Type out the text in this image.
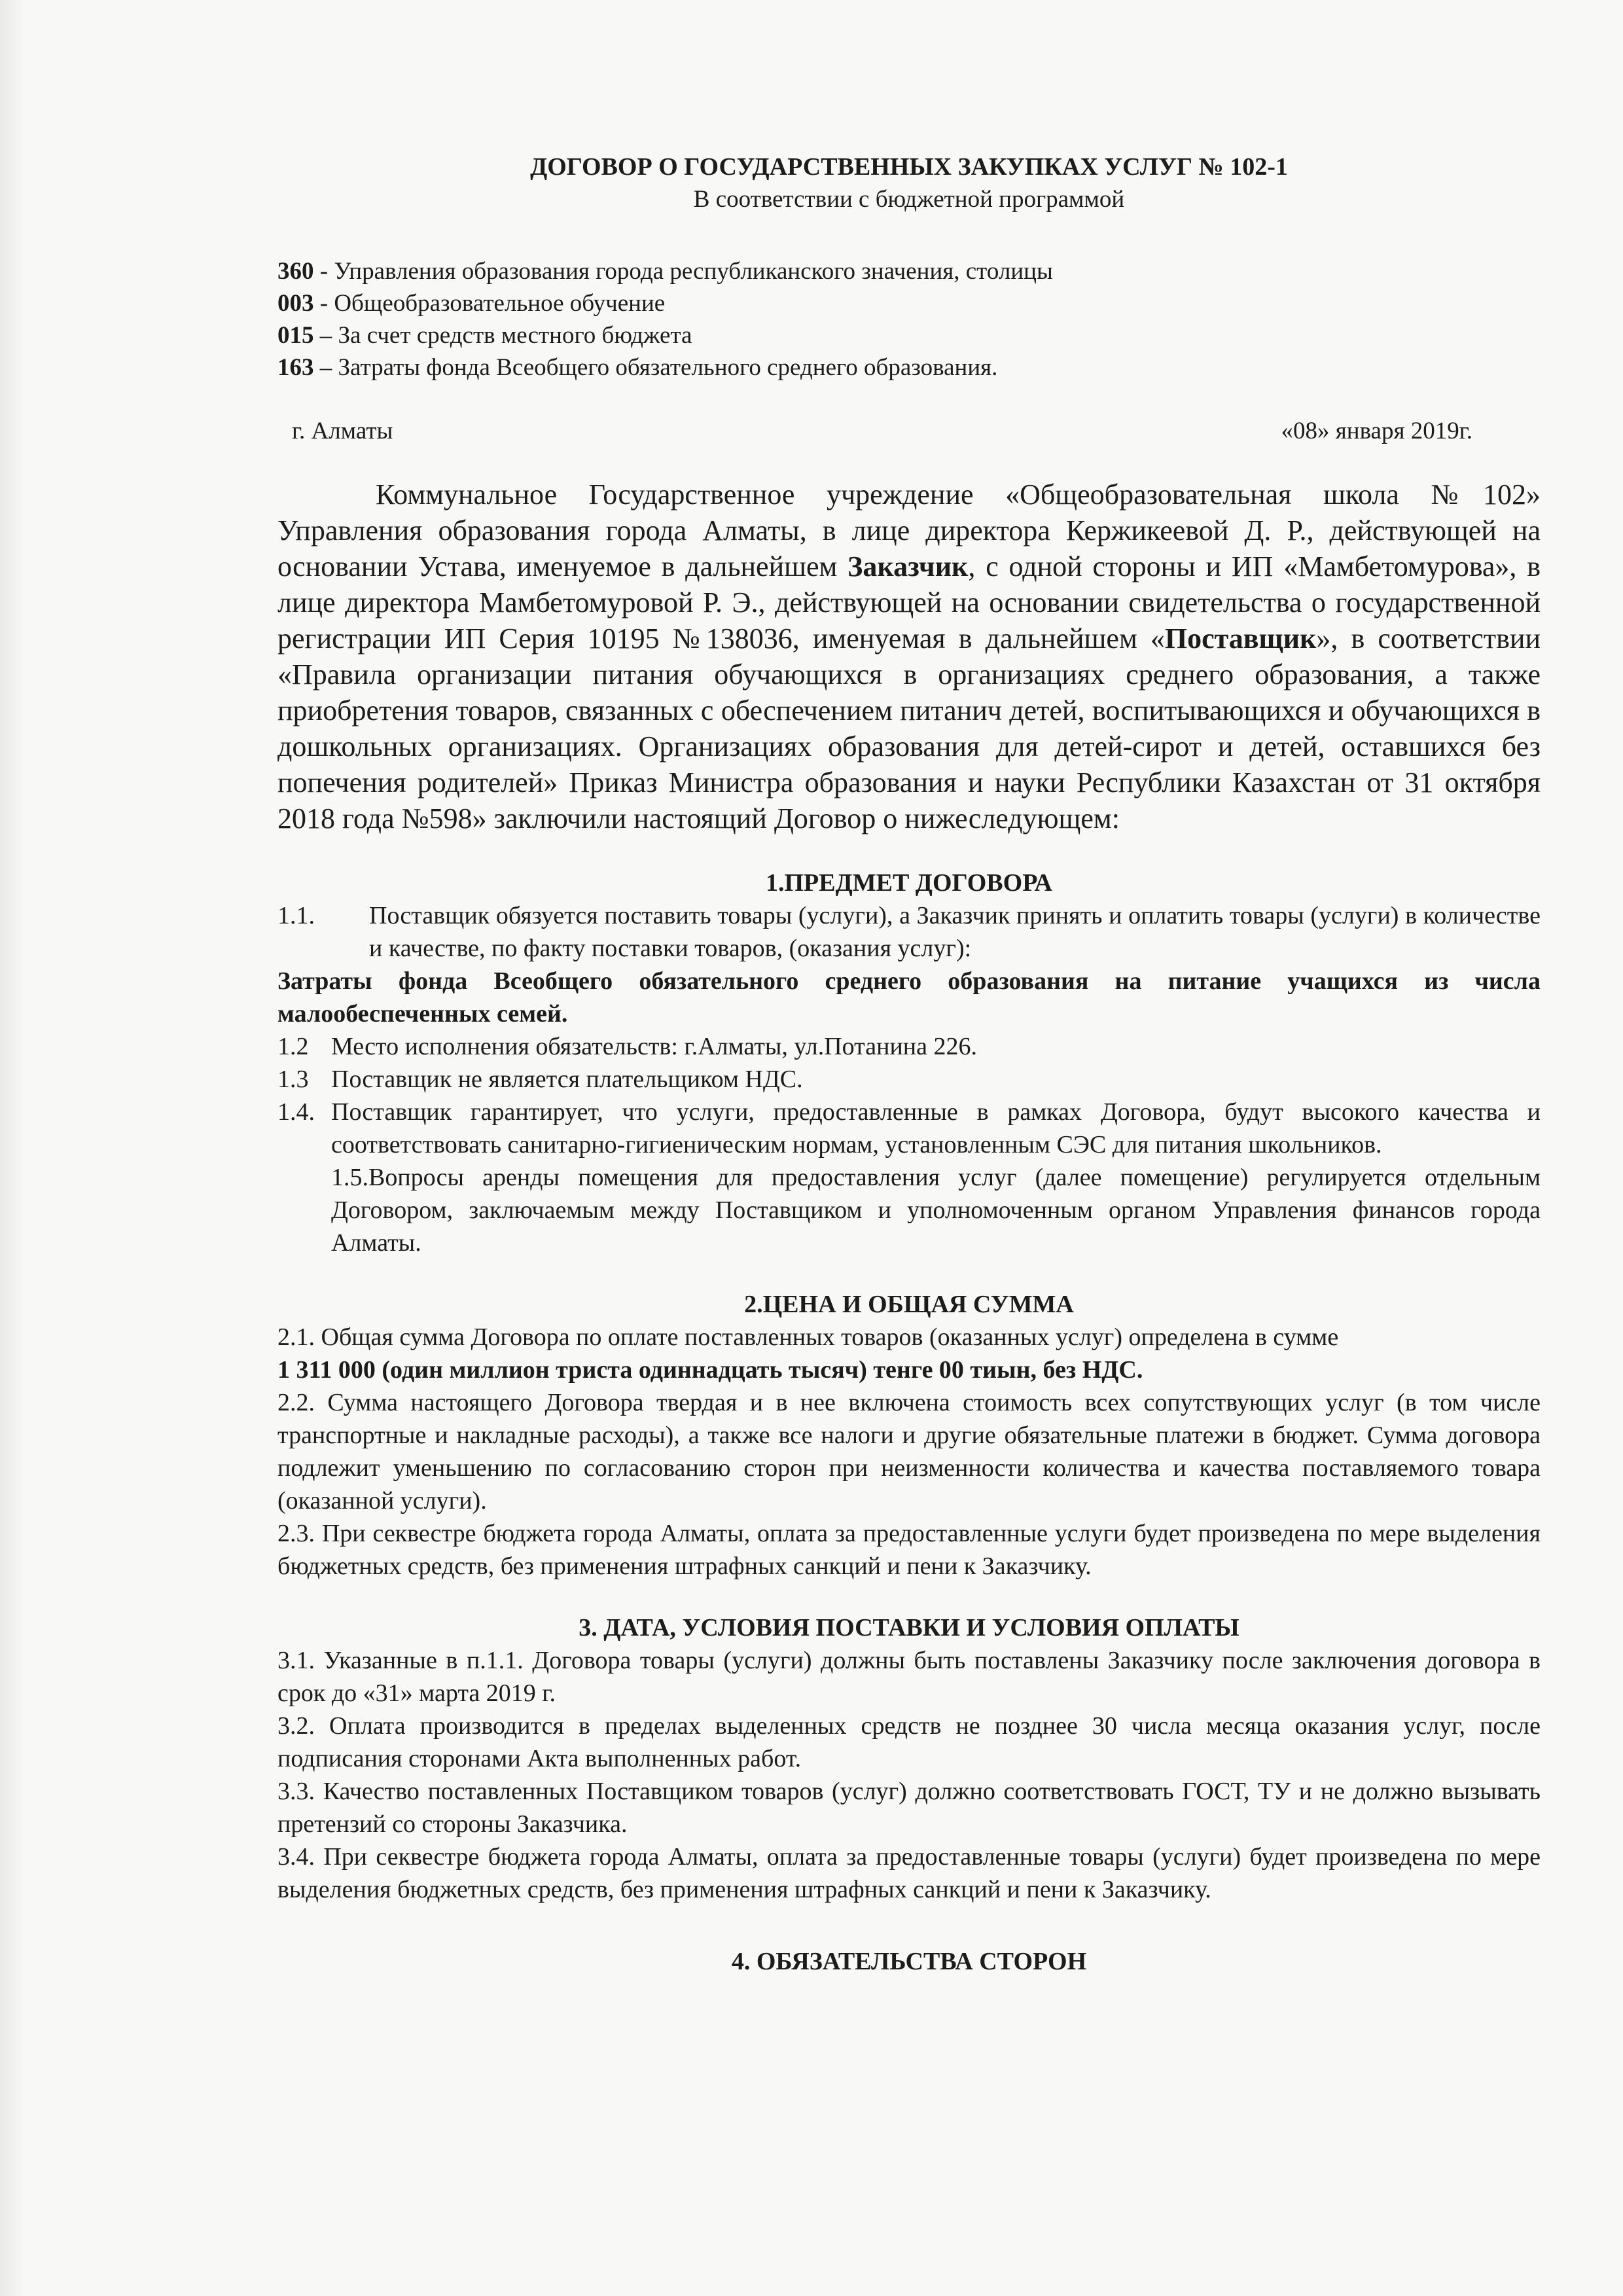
ДОГОВОР О ГОСУДАРСТВЕННЫХ ЗАКУПКАХ УСЛУГ № 102-1

В соответствии с бюджетной программой

360 - Управления образования города республиканского значения, столицы
003 - Общеобразовательное обучение
015 – За счет средств местного бюджета
163 – Затраты фонда Всеобщего обязательного среднего образования.
г. Алматы	«08» января 2019г.

Коммунальное Государственное учреждение «Общеобразовательная школа №102» Управления образования города Алматы, в лице директора Кержикеевой Д. Р., действующей на основании Устава, именуемое в дальнейшем Заказчик, с одной стороны и ИП «Мамбетомурова», в лице директора Мамбетомуровой Р. Э., действующей на основании свидетельства о государственной регистрации ИП Серия 10195 №138036, именуемая в дальнейшем «Поставщик», в соответствии «Правила организации питания обучающихся в организациях среднего образования, а также приобретения товаров, связанных с обеспечением питанич детей, воспитывающихся и обучающихся в дошкольных организациях. Организациях образования для детей-сирот и детей, оставшихся без попечения родителей» Приказ Министра образования и науки Республики Казахстан от 31 октября 2018 года №598» заключили настоящий Договор о нижеследующем:

1.ПРЕДМЕТ ДОГОВОРА

1.1.	Поставщик обязуется поставить товары (услуги), а Заказчик принять и оплатить товары (услуги) в количестве и качестве, по факту поставки товаров, (оказания услуг):

Затраты фонда Всеобщего обязательного среднего образования на питание учащихся из числа малообеспеченных семей.

1.2 Место исполнения обязательств: г.Алматы, ул.Потанина 226.
1.3 Поставщик не является плательщиком НДС.
1.4. Поставщик гарантирует, что услуги, предоставленные в рамках Договора, будут высокого качества и соответствовать санитарно-гигиеническим нормам, установленным СЭС для питания школьников.
1.5.Вопросы аренды помещения для предоставления услуг (далее помещение) регулируется отдельным Договором, заключаемым между Поставщиком и уполномоченным органом Управления финансов города Алматы.

2.ЦЕНА И ОБЩАЯ СУММА

2.1. Общая сумма Договора по оплате поставленных товаров (оказанных услуг) определена в сумме

1 311 000 (один миллион триста одиннадцать тысяч) тенге 00 тиын, без НДС.

2.2. Сумма настоящего Договора твердая и в нее включена стоимость всех сопутствующих услуг (в том числе транспортные и накладные расходы), а также все налоги и другие обязательные платежи в бюджет. Сумма договора подлежит уменьшению по согласованию сторон при неизменности количества и качества поставляемого товара (оказанной услуги).

2.3. При секвестре бюджета города Алматы, оплата за предоставленные услуги будет произведена по мере выделения бюджетных средств, без применения штрафных санкций и пени к Заказчику.

3. ДАТА, УСЛОВИЯ ПОСТАВКИ И УСЛОВИЯ ОПЛАТЫ

3.1. Указанные в п.1.1. Договора товары (услуги) должны быть поставлены Заказчику после заключения договора в срок до «31» марта 2019 г.

3.2. Оплата производится в пределах выделенных средств не позднее 30 числа месяца оказания услуг, после подписания сторонами Акта выполненных работ.

3.3. Качество поставленных Поставщиком товаров (услуг) должно соответствовать ГОСТ, ТУ и не должно вызывать претензий со стороны Заказчика.

3.4. При секвестре бюджета города Алматы, оплата за предоставленные товары (услуги) будет произведена по мере выделения бюджетных средств, без применения штрафных санкций и пени к Заказчику.

4. ОБЯЗАТЕЛЬСТВА СТОРОН
